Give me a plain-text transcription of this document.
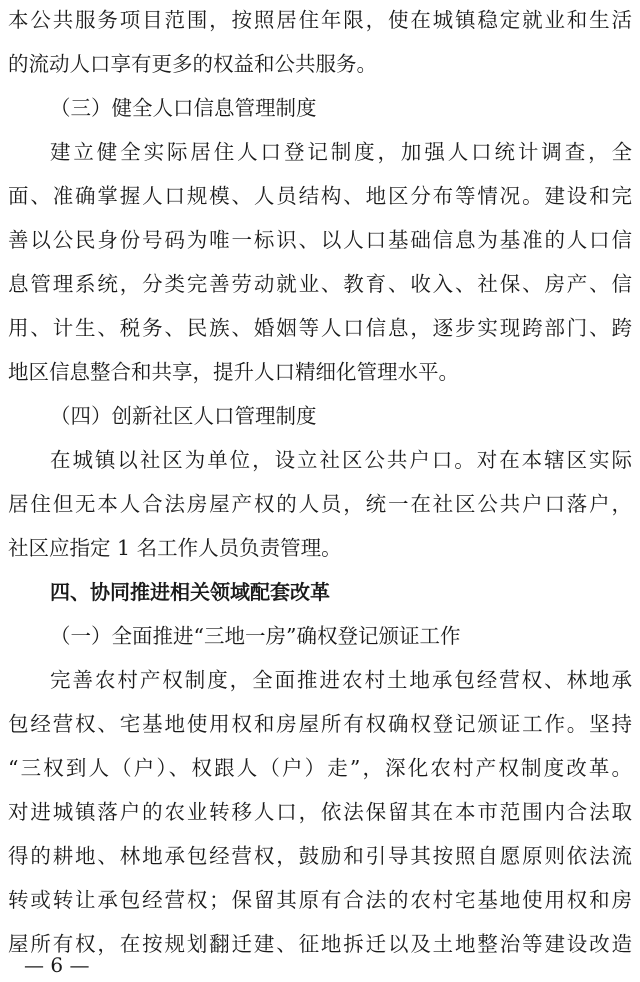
本公共服务项目范围，按照居住年限，使在城镇稳定就业和生活
的流动人口享有更多的权益和公共服务。
（三）健全人口信息管理制度
建立健全实际居住人口登记制度，加强人口统计调查，全
面、准确掌握人口规模、人员结构、地区分布等情况。建设和完
善以公民身份号码为唯一标识、以人口基础信息为基准的人口信
息管理系统，分类完善劳动就业、教育、收入、社保、房产、信
用、计生、税务、民族、婚姻等人口信息，逐步实现跨部门、跨
地区信息整合和共享，提升人口精细化管理水平。
（四）创新社区人口管理制度
在城镇以社区为单位，设立社区公共户口。对在本辖区实际
居住但无本人合法房屋产权的人员，统一在社区公共户口落户，
社区应指定 1 名工作人员负责管理。
四、协同推进相关领域配套改革
（一）全面推进“三地一房”确权登记颁证工作
完善农村产权制度，全面推进农村土地承包经营权、林地承
包经营权、宅基地使用权和房屋所有权确权登记颁证工作。坚持
“三权到人（户）、权跟人（户）走”，深化农村产权制度改革。
对进城镇落户的农业转移人口，依法保留其在本市范围内合法取
得的耕地、林地承包经营权，鼓励和引导其按照自愿原则依法流
转或转让承包经营权；保留其原有合法的农村宅基地使用权和房
屋所有权，在按规划翻迁建、征地拆迁以及土地整治等建设改造
— 6 —
